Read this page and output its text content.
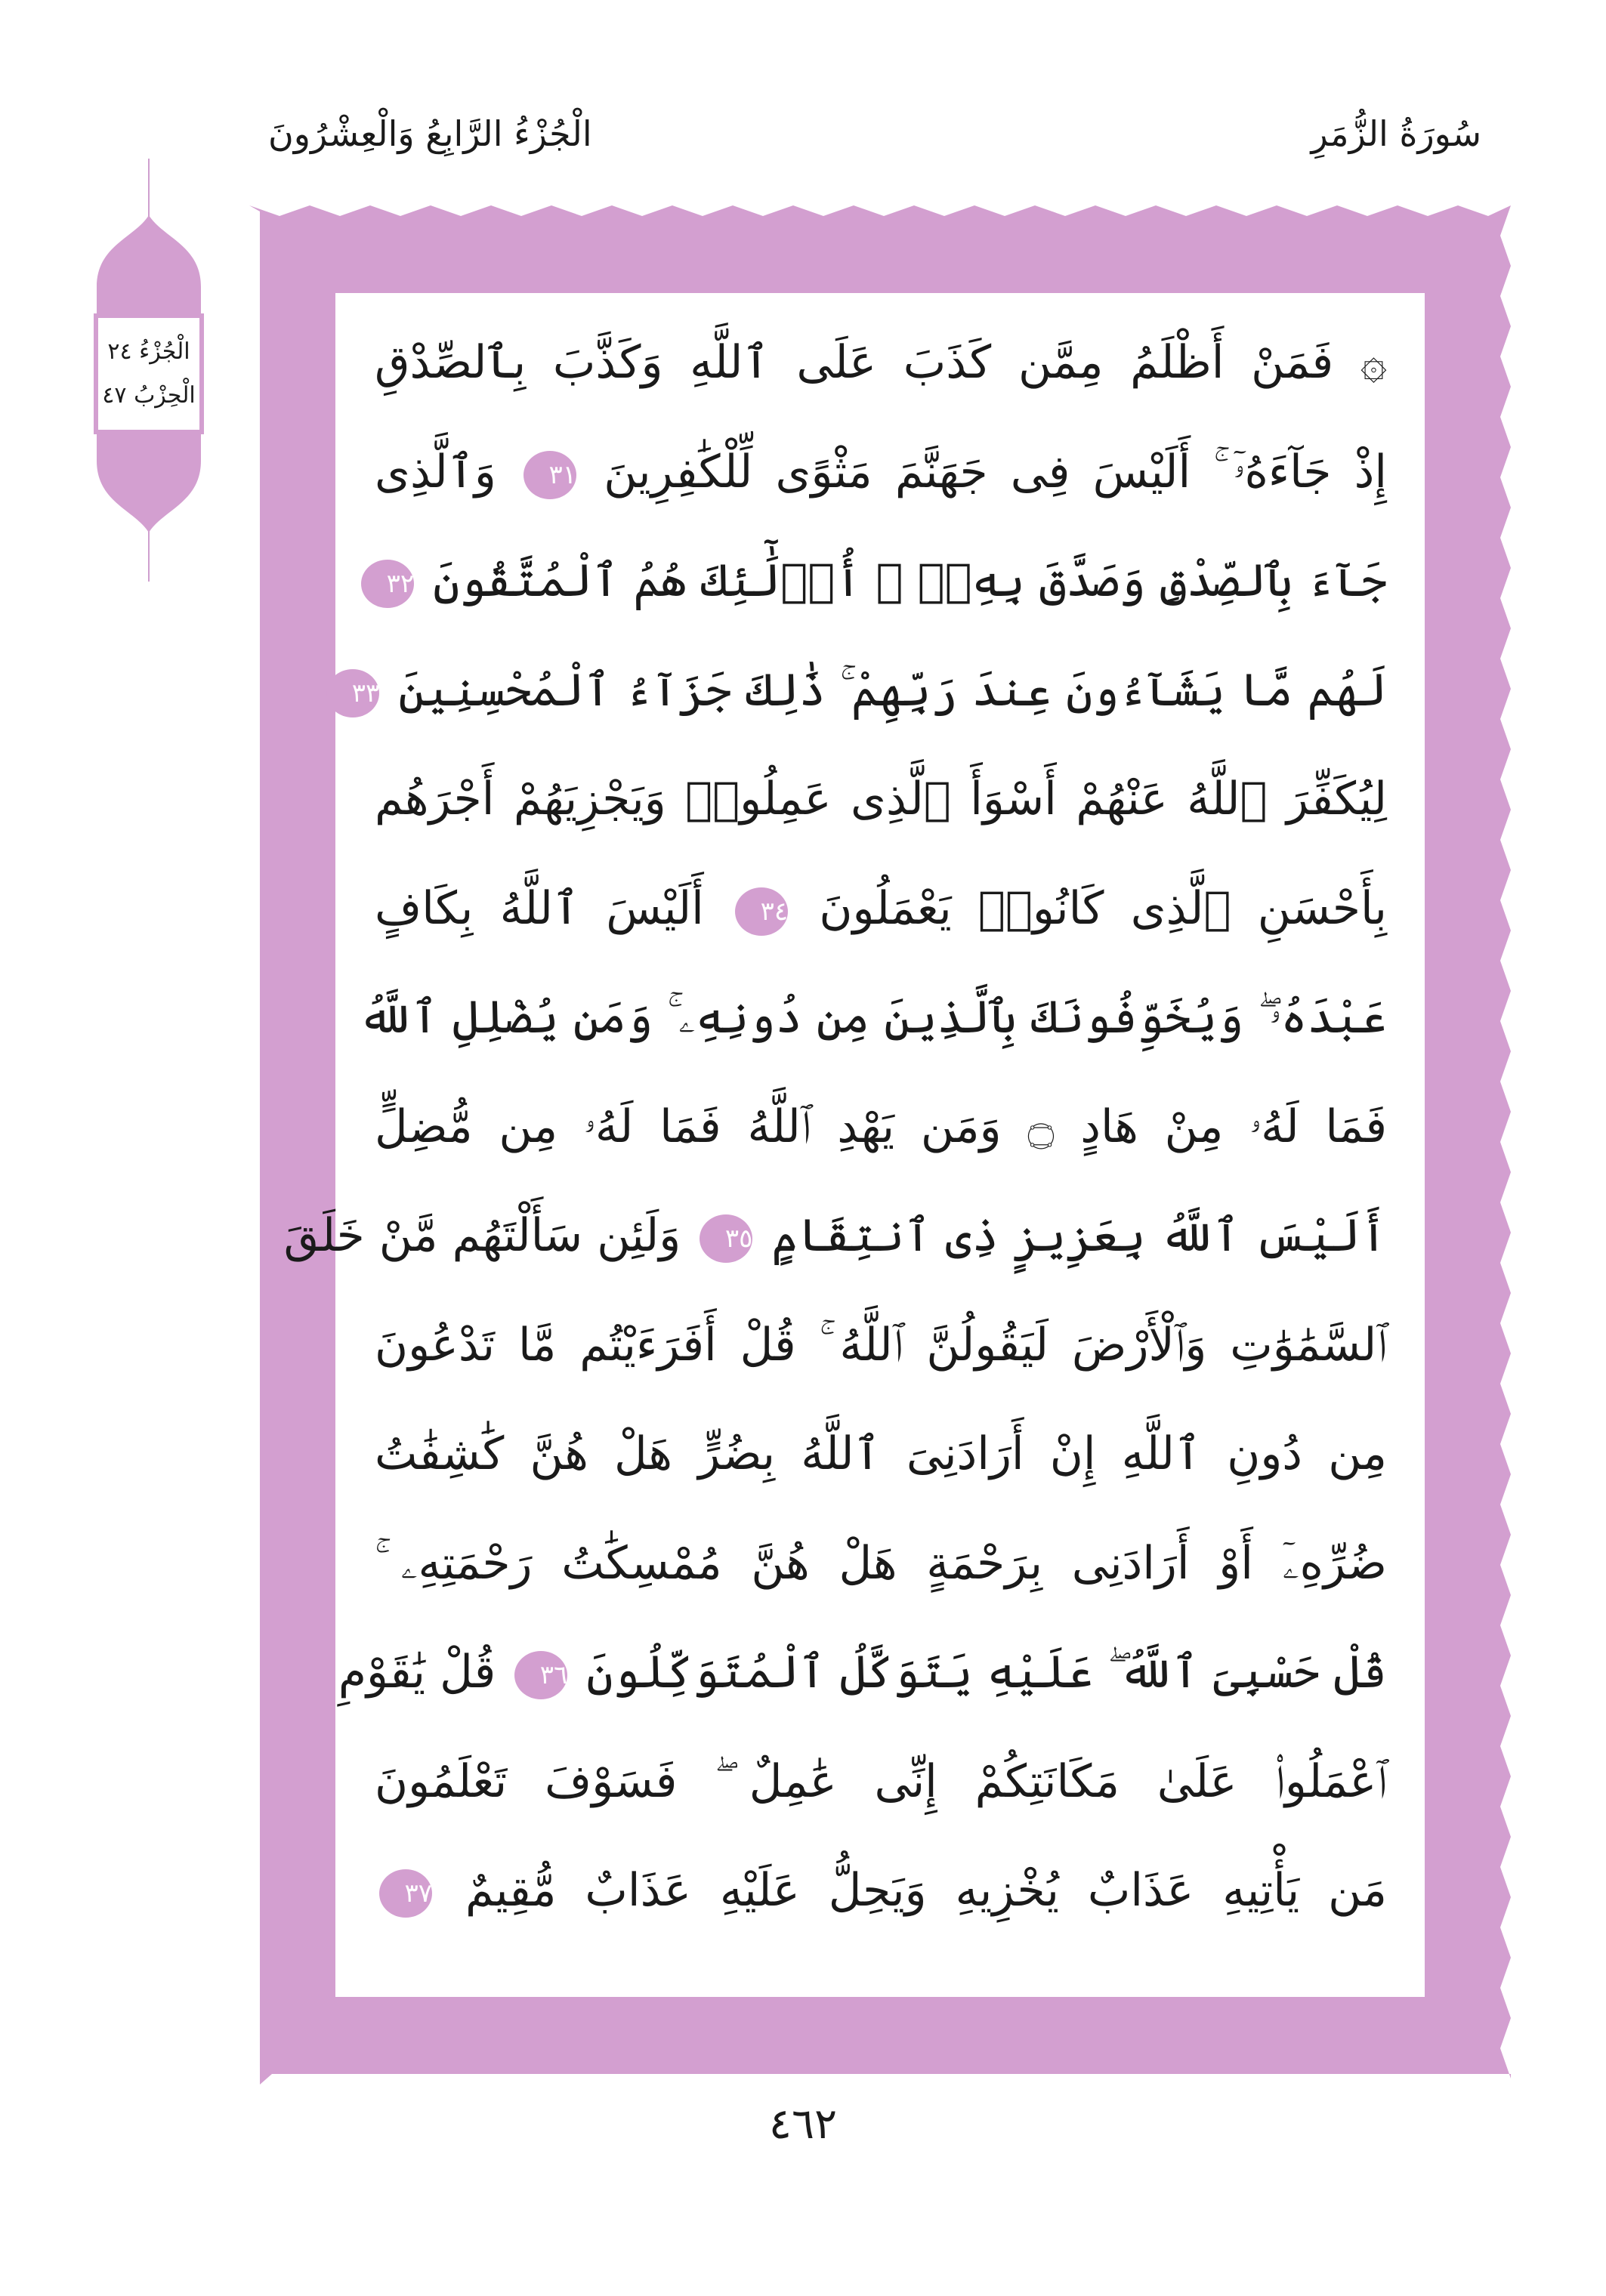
سُورَةُ الزُّمَرِ
الْجُزْءُ الرَّابِعُ وَالْعِشْرُونَ
الْجُزْءُ ٢٤
الْحِزْبُ ٤٧
۞ فَمَنْ أَظْلَمُ مِمَّن كَذَبَ عَلَى ٱللَّهِ وَكَذَّبَ بِٱلصِّدْقِ
إِذْ جَآءَهُۥٓ ۚ أَلَيْسَ فِى جَهَنَّمَ مَثْوًى لِّلْكَٰفِرِينَ ٣١ وَٱلَّذِى
جَآءَ بِٱلصِّدْقِ وَصَدَّقَ بِهِۦٓ ۙ أُو۟لَٰٓئِكَ هُمُ ٱلْمُتَّقُونَ ٣٢
لَهُم مَّا يَشَآءُونَ عِندَ رَبِّهِمْ ۚ ذَٰلِكَ جَزَآءُ ٱلْمُحْسِنِينَ ٣٣
لِيُكَفِّرَ ٱللَّهُ عَنْهُمْ أَسْوَأَ ٱلَّذِى عَمِلُوا۟ وَيَجْزِيَهُمْ أَجْرَهُم
بِأَحْسَنِ ٱلَّذِى كَانُوا۟ يَعْمَلُونَ ٣٤ أَلَيْسَ ٱللَّهُ بِكَافٍ
عَبْدَهُۥ ۖ وَيُخَوِّفُونَكَ بِٱلَّذِينَ مِن دُونِهِۦ ۚ وَمَن يُضْلِلِ ٱللَّهُ
فَمَا لَهُۥ مِنْ هَادٍ ۝ وَمَن يَهْدِ ٱللَّهُ فَمَا لَهُۥ مِن مُّضِلٍّ
أَلَيْسَ ٱللَّهُ بِعَزِيزٍ ذِى ٱنتِقَامٍ ٣٥ وَلَئِن سَأَلْتَهُم مَّنْ خَلَقَ
ٱلسَّمَٰوَٰتِ وَٱلْأَرْضَ لَيَقُولُنَّ ٱللَّهُ ۚ قُلْ أَفَرَءَيْتُم مَّا تَدْعُونَ
مِن دُونِ ٱللَّهِ إِنْ أَرَادَنِىَ ٱللَّهُ بِضُرٍّ هَلْ هُنَّ كَٰشِفَٰتُ
ضُرِّهِۦٓ أَوْ أَرَادَنِى بِرَحْمَةٍ هَلْ هُنَّ مُمْسِكَٰتُ رَحْمَتِهِۦ ۚ
قُلْ حَسْبِىَ ٱللَّهُ ۖ عَلَيْهِ يَتَوَكَّلُ ٱلْمُتَوَكِّلُونَ ٣٦ قُلْ يَٰقَوْمِ
ٱعْمَلُوا۟ عَلَىٰ مَكَانَتِكُمْ إِنِّى عَٰمِلٌ ۖ فَسَوْفَ تَعْلَمُونَ
مَن يَأْتِيهِ عَذَابٌ يُخْزِيهِ وَيَحِلُّ عَلَيْهِ عَذَابٌ مُّقِيمٌ ٣٧
٤٦٢
